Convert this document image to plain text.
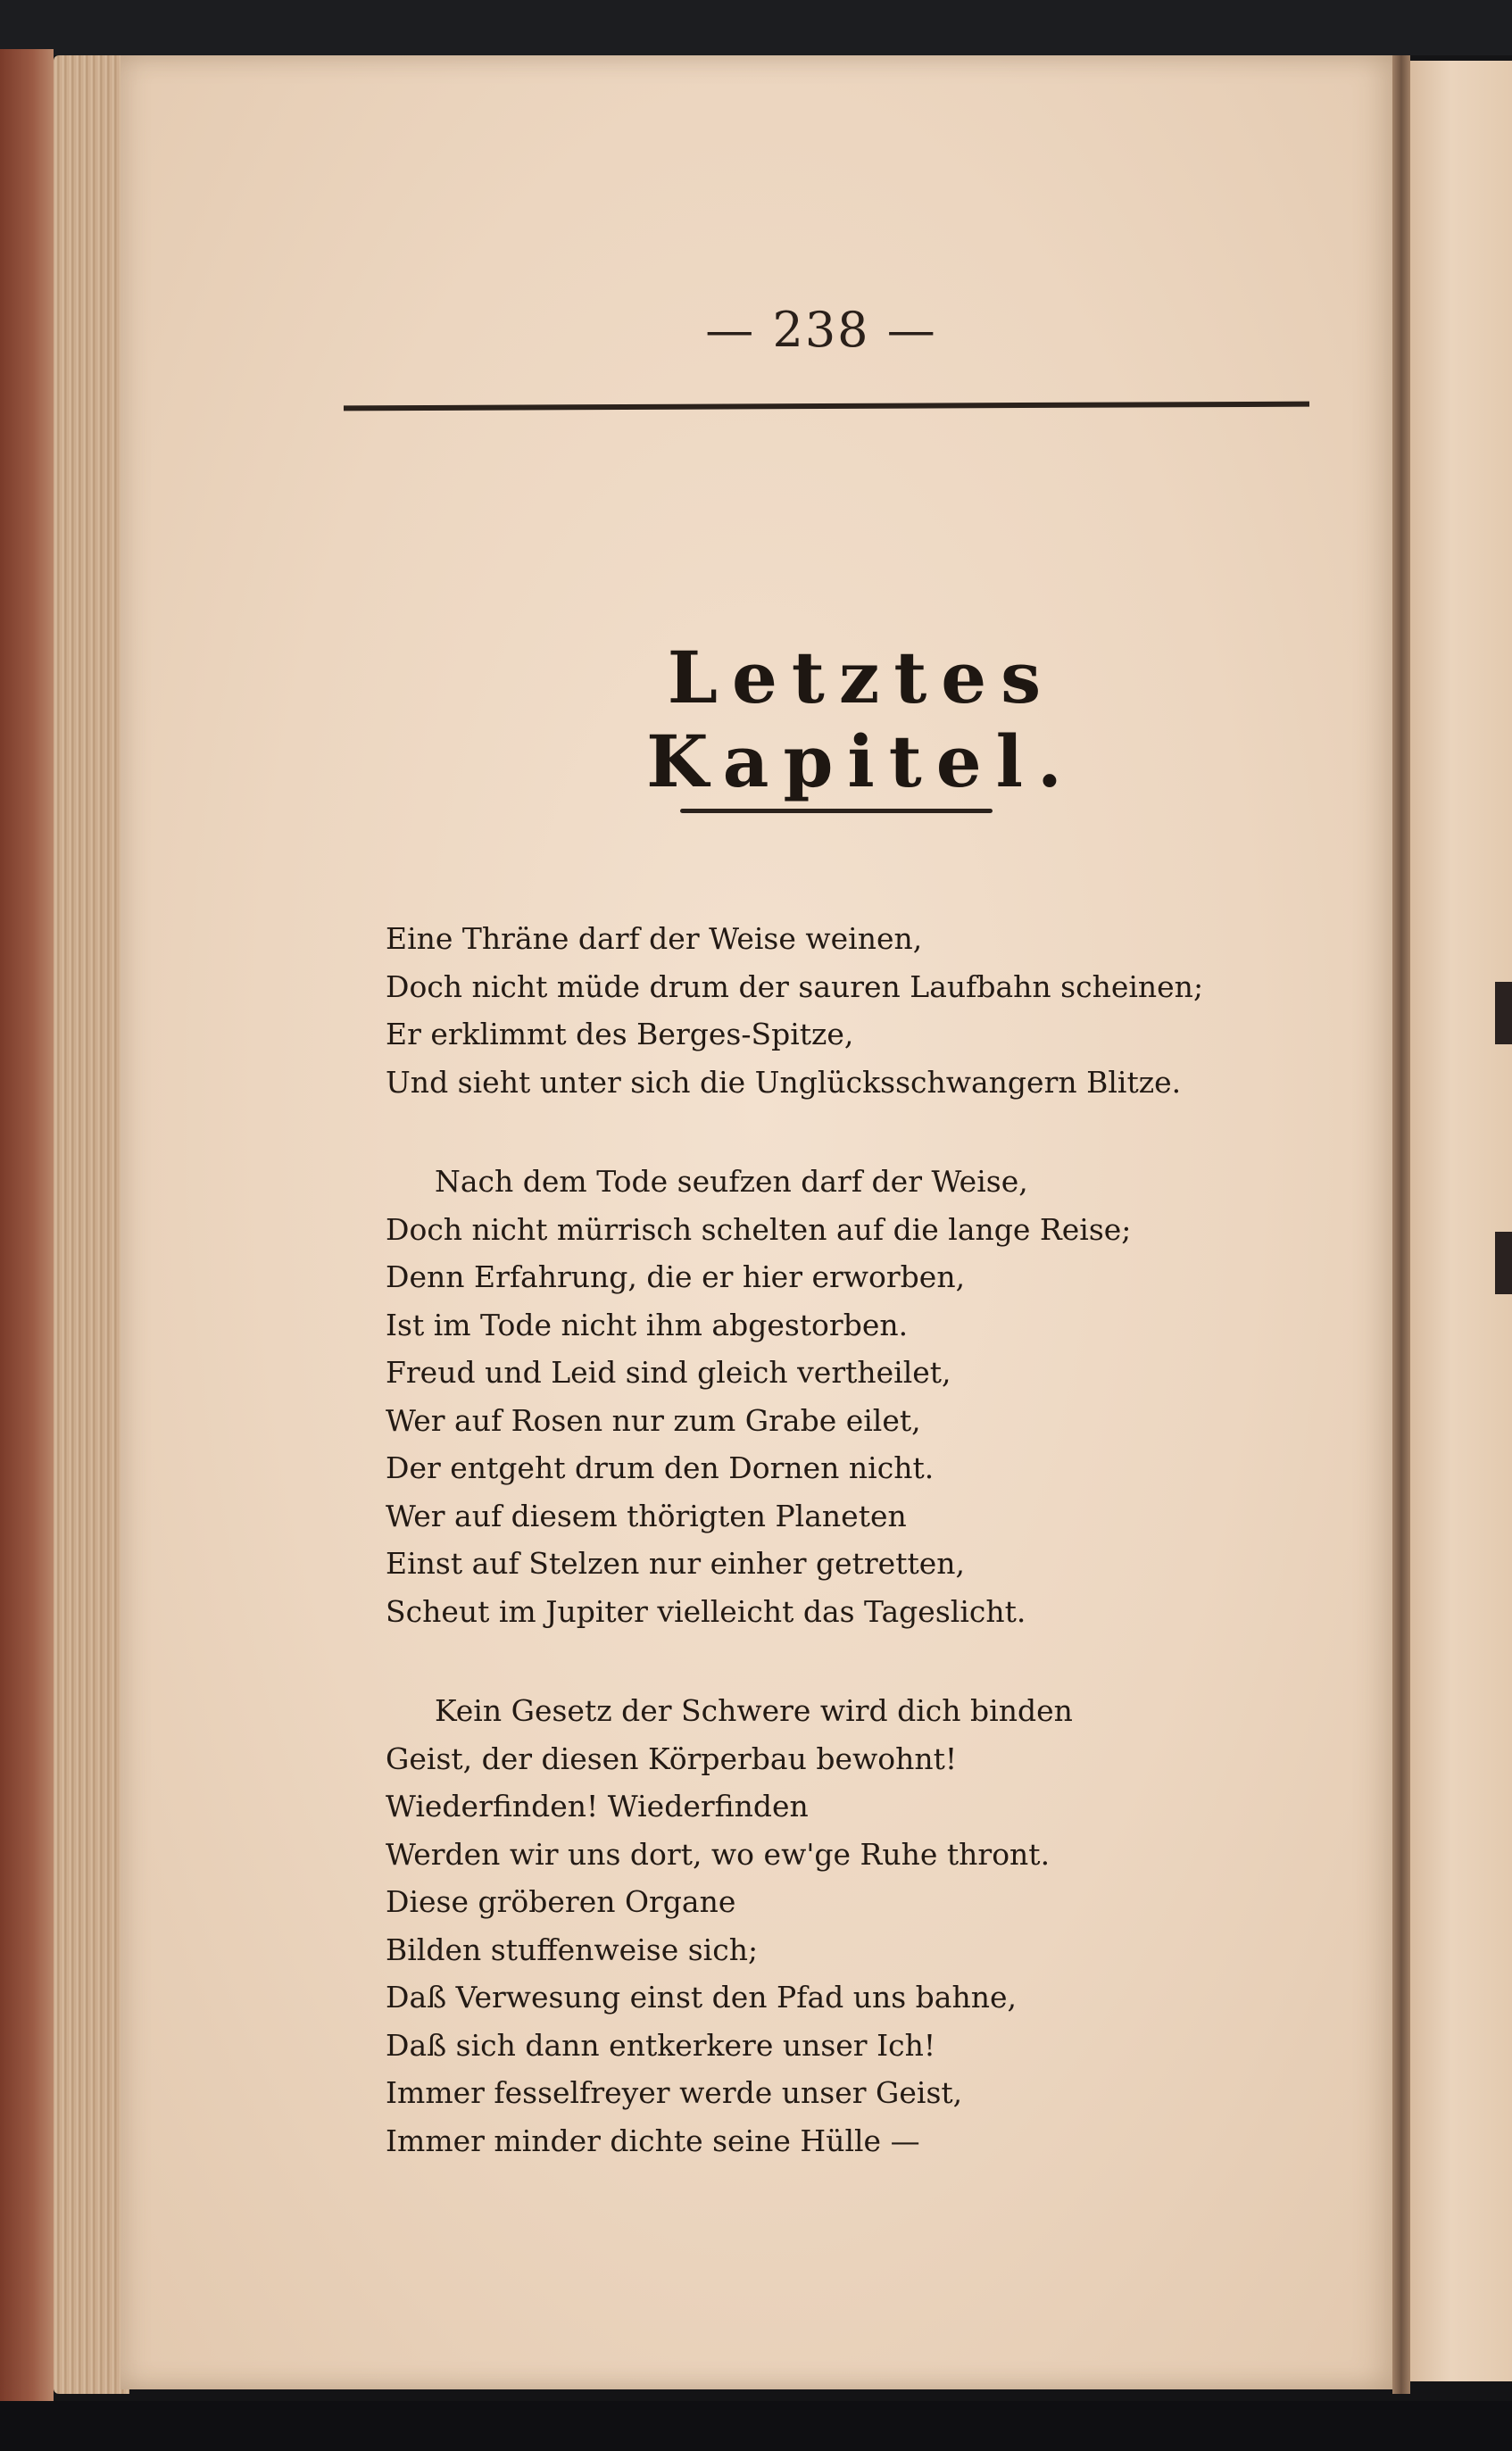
— 238 —
Letztes Kapitel.
Eine Thräne darf der Weise weinen,
Doch nicht müde drum der sauren Laufbahn scheinen;
Er erklimmt des Berges-Spitze,
Und sieht unter sich die Unglücksschwangern Blitze.
Nach dem Tode seufzen darf der Weise,
Doch nicht mürrisch schelten auf die lange Reise;
Denn Erfahrung, die er hier erworben,
Ist im Tode nicht ihm abgestorben.
Freud und Leid sind gleich vertheilet,
Wer auf Rosen nur zum Grabe eilet,
Der entgeht drum den Dornen nicht.
Wer auf diesem thörigten Planeten
Einst auf Stelzen nur einher getretten,
Scheut im Jupiter vielleicht das Tageslicht.
Kein Gesetz der Schwere wird dich binden
Geist, der diesen Körperbau bewohnt!
Wiederfinden! Wiederfinden
Werden wir uns dort, wo ew'ge Ruhe thront.
Diese gröberen Organe
Bilden stuffenweise sich;
Daß Verwesung einst den Pfad uns bahne,
Daß sich dann entkerkere unser Ich!
Immer fesselfreyer werde unser Geist,
Immer minder dichte seine Hülle —
